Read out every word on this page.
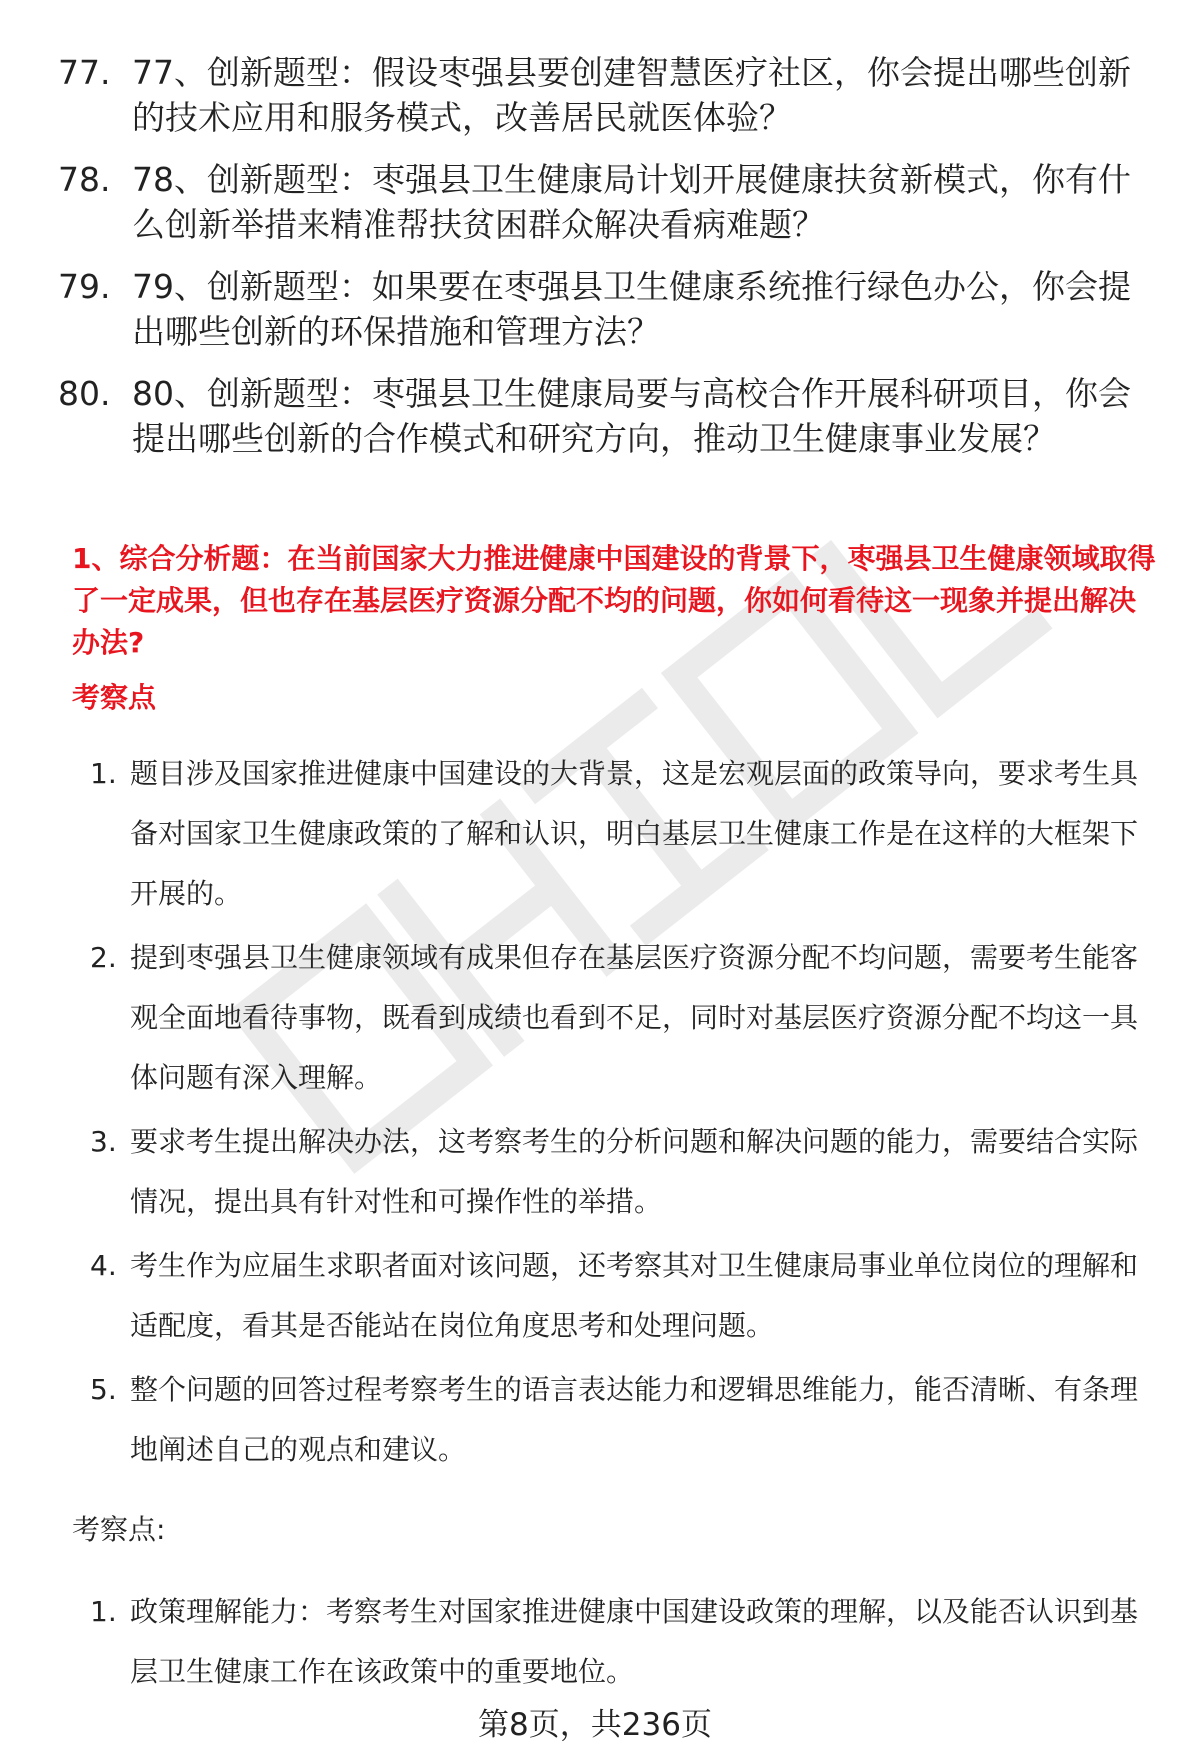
77. 77、创新题型：假设枣强县要创建智慧医疗社区，你会提出哪些创新的技术应用和服务模式，改善居民就医体验？
78. 78、创新题型：枣强县卫生健康局计划开展健康扶贫新模式，你有什么创新举措来精准帮扶贫困群众解决看病难题？
79. 79、创新题型：如果要在枣强县卫生健康系统推行绿色办公，你会提出哪些创新的环保措施和管理方法？
80. 80、创新题型：枣强县卫生健康局要与高校合作开展科研项目，你会提出哪些创新的合作模式和研究方向，推动卫生健康事业发展？
1、综合分析题：在当前国家大力推进健康中国建设的背景下，枣强县卫生健康领域取得了一定成果，但也存在基层医疗资源分配不均的问题，你如何看待这一现象并提出解决办法?
考察点
1. 题目涉及国家推进健康中国建设的大背景，这是宏观层面的政策导向，要求考生具备对国家卫生健康政策的了解和认识，明白基层卫生健康工作是在这样的大框架下开展的。
2. 提到枣强县卫生健康领域有成果但存在基层医疗资源分配不均问题，需要考生能客观全面地看待事物，既看到成绩也看到不足，同时对基层医疗资源分配不均这一具体问题有深入理解。
3. 要求考生提出解决办法，这考察考生的分析问题和解决问题的能力，需要结合实际情况，提出具有针对性和可操作性的举措。
4. 考生作为应届生求职者面对该问题，还考察其对卫生健康局事业单位岗位的理解和适配度，看其是否能站在岗位角度思考和处理问题。
5. 整个问题的回答过程考察考生的语言表达能力和逻辑思维能力，能否清晰、有条理地阐述自己的观点和建议。
考察点:
1. 政策理解能力：考察考生对国家推进健康中国建设政策的理解，以及能否认识到基层卫生健康工作在该政策中的重要地位。
第8页，共236页
